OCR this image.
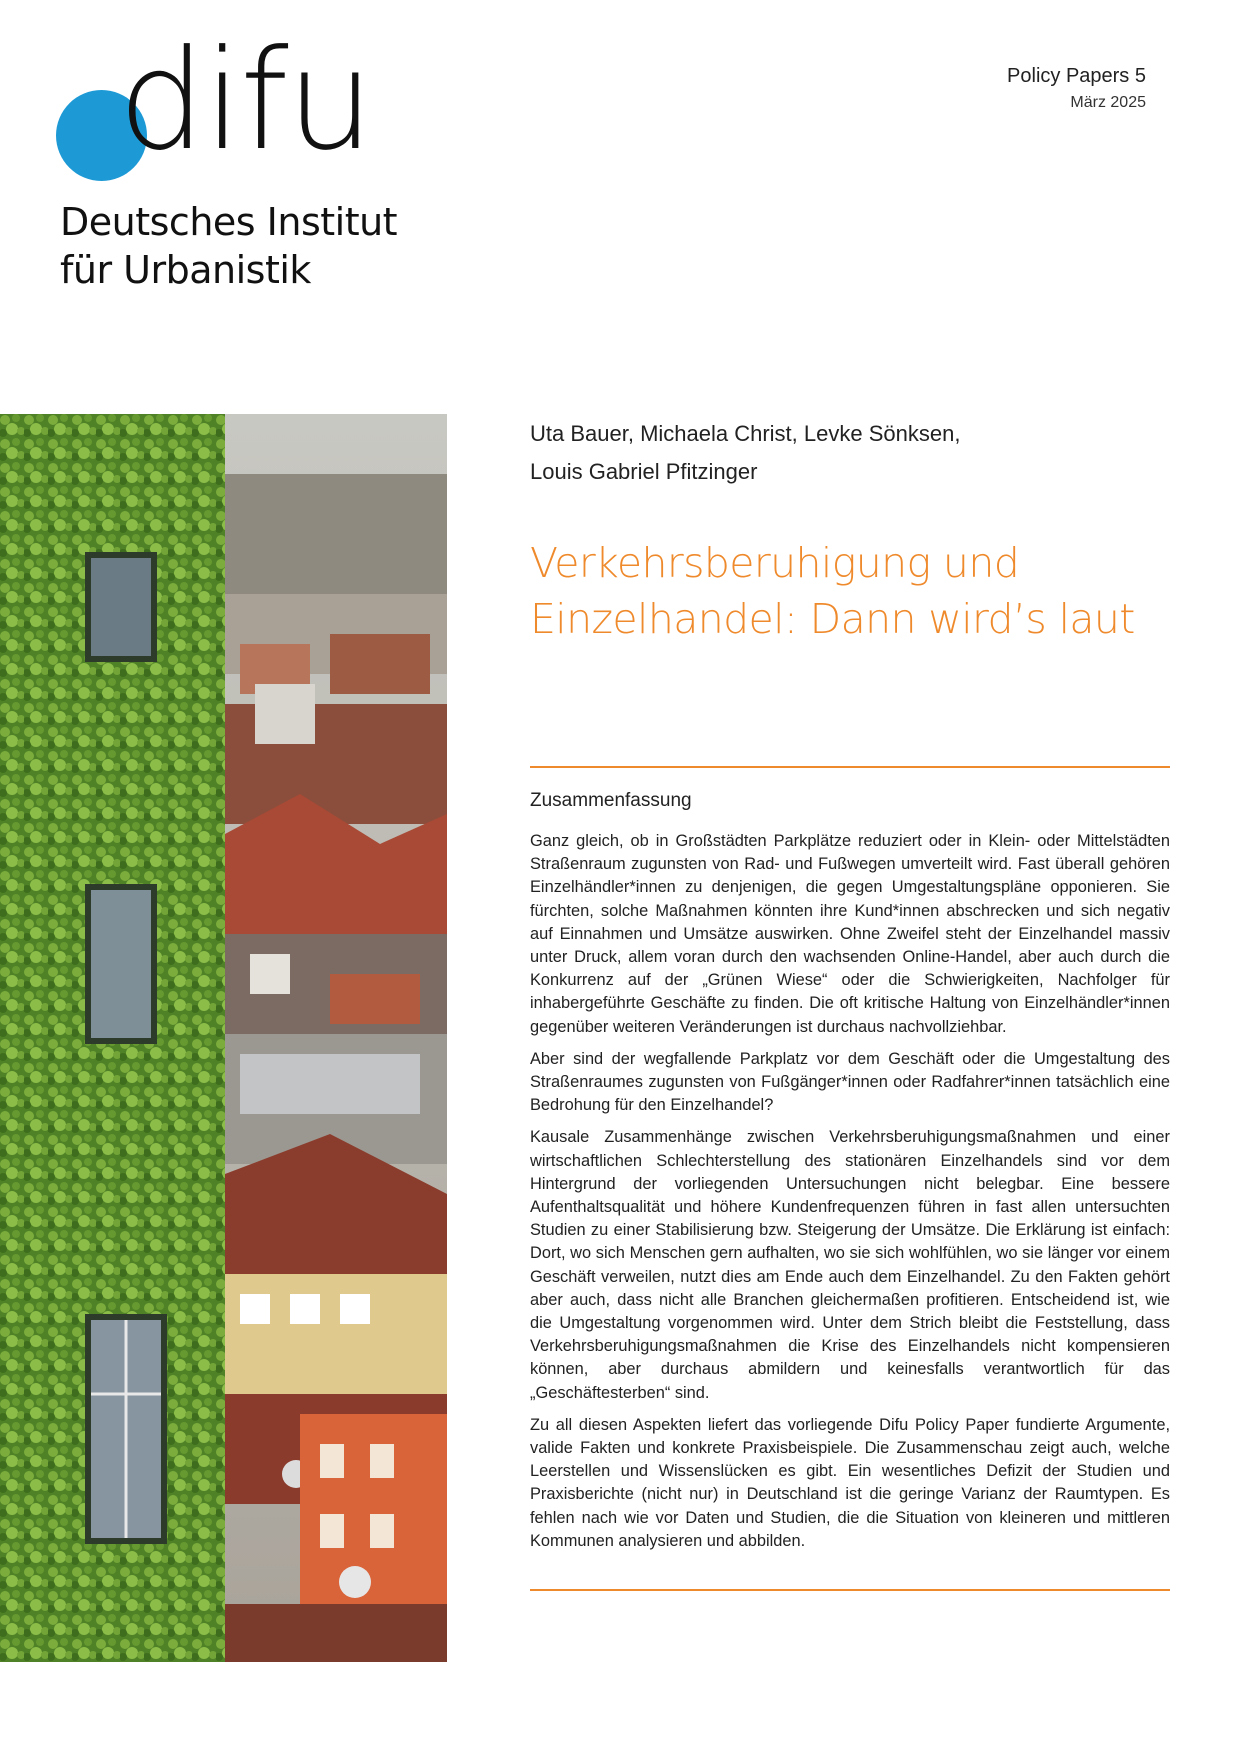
difu
Deutsches Institut
für Urbanistik
Policy Papers 5
März 2025
Uta Bauer, Michaela Christ, Levke Sönksen,
Louis Gabriel Pfitzinger
Verkehrsberuhigung und
Einzelhandel: Dann wird’s laut
Zusammenfassung

Ganz gleich, ob in Großstädten Parkplätze reduziert oder in Klein- oder Mittelstädten Straßenraum zugunsten von Rad- und Fußwegen umverteilt wird. Fast überall gehören Einzelhändler*innen zu denjenigen, die gegen Umgestaltungspläne opponieren. Sie fürchten, solche Maßnahmen könnten ihre Kund*innen abschrecken und sich negativ auf Einnahmen und Umsätze auswirken. Ohne Zweifel steht der Einzelhandel massiv unter Druck, allem voran durch den wachsenden Online-Handel, aber auch durch die Konkurrenz auf der „Grünen Wiese“ oder die Schwierigkeiten, Nachfolger für inhabergeführte Geschäfte zu finden. Die oft kritische Haltung von Einzelhändler*innen gegenüber weiteren Veränderungen ist durchaus nachvollziehbar.

Aber sind der wegfallende Parkplatz vor dem Geschäft oder die Umgestaltung des Straßenraumes zugunsten von Fußgänger*innen oder Radfahrer*innen tatsächlich eine Bedrohung für den Einzelhandel?

Kausale Zusammenhänge zwischen Verkehrsberuhigungsmaßnahmen und einer wirtschaftlichen Schlechterstellung des stationären Einzelhandels sind vor dem Hintergrund der vorliegenden Untersuchungen nicht belegbar. Eine bessere Aufenthaltsqualität und höhere Kundenfrequenzen führen in fast allen untersuchten Studien zu einer Stabilisierung bzw. Steigerung der Umsätze. Die Erklärung ist einfach: Dort, wo sich Menschen gern aufhalten, wo sie sich wohlfühlen, wo sie länger vor einem Geschäft verweilen, nutzt dies am Ende auch dem Einzelhandel. Zu den Fakten gehört aber auch, dass nicht alle Branchen gleichermaßen profitieren. Entscheidend ist, wie die Umgestaltung vorgenommen wird. Unter dem Strich bleibt die Feststellung, dass Verkehrsberuhigungsmaßnahmen die Krise des Einzelhandels nicht kompensieren können, aber durchaus abmildern und keinesfalls verantwortlich für das „Geschäftesterben“ sind.

Zu all diesen Aspekten liefert das vorliegende Difu Policy Paper fundierte Argumente, valide Fakten und konkrete Praxisbeispiele. Die Zusammenschau zeigt auch, welche Leerstellen und Wissenslücken es gibt. Ein wesentliches Defizit der Studien und Praxisberichte (nicht nur) in Deutschland ist die geringe Varianz der Raumtypen. Es fehlen nach wie vor Daten und Studien, die die Situation von kleineren und mittleren Kommunen analysieren und abbilden.
